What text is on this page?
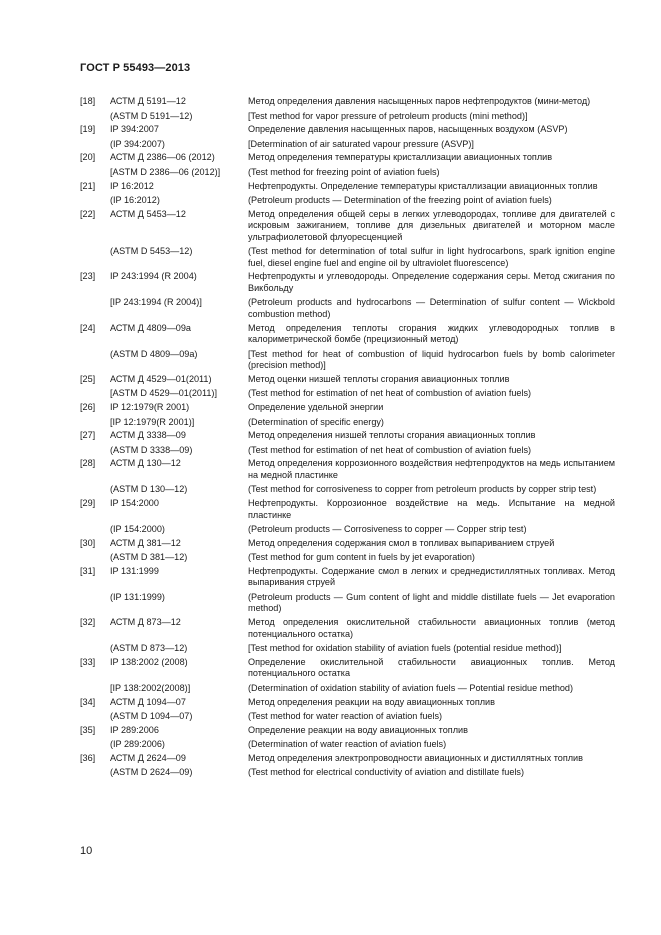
ГОСТ Р 55493—2013
[18]	АСТМ Д 5191—12	Метод определения давления насыщенных паров нефтепродуктов (мини-метод)
(ASTM D 5191—12)	[Test method for vapor pressure of petroleum products (mini method)]
[19]	IP 394:2007	Определение давления насыщенных паров, насыщенных воздухом (ASVP)
(IP 394:2007)	[Determination of air saturated vapour pressure (ASVP)]
[20]	АСТМ Д 2386—06 (2012)	Метод определения температуры кристаллизации авиационных топлив
[ASTM D 2386—06 (2012)]	(Test method for freezing point of aviation fuels)
[21]	IP 16:2012	Нефтепродукты. Определение температуры кристаллизации авиационных топлив
(IP 16:2012)	(Petroleum products — Determination of the freezing point of aviation fuels)
[22]	АСТМ Д 5453—12	Метод определения общей серы в легких углеводородах, топливе для двигателей с искровым зажиганием, топливе для дизельных двигателей и моторном масле ультрафиолетовой флуоресценцией
(ASTM D 5453—12)	(Test method for determination of total sulfur in light hydrocarbons, spark ignition engine fuel, diesel engine fuel and engine oil by ultraviolet fluorescence)
[23]	IP 243:1994 (R 2004)	Нефтепродукты и углеводороды. Определение содержания серы. Метод сжигания по Викбольду
[IP 243:1994 (R 2004)]	(Petroleum products and hydrocarbons — Determination of sulfur content — Wickbold combustion method)
[24]	АСТМ Д 4809—09а	Метод определения теплоты сгорания жидких углеводородных топлив в калориметрической бомбе (прецизионный метод)
(ASTM D 4809—09a)	[Test method for heat of combustion of liquid hydrocarbon fuels by bomb calorimeter (precision method)]
[25]	АСТМ Д 4529—01(2011)	Метод оценки низшей теплоты сгорания авиационных топлив
[ASTM D 4529—01(2011)]	(Test method for estimation of net heat of combustion of aviation fuels)
[26]	IP 12:1979(R 2001)	Определение удельной энергии
[IP 12:1979(R 2001)]	(Determination of specific energy)
[27]	АСТМ Д 3338—09	Метод определения низшей теплоты сгорания авиационных топлив
(ASTM D 3338—09)	(Test method for estimation of net heat of combustion of aviation fuels)
[28]	АСТМ Д 130—12	Метод определения коррозионного воздействия нефтепродуктов на медь испытанием на медной пластинке
(ASTM D 130—12)	(Test method for corrosiveness to copper from petroleum products by copper strip test)
[29]	IP 154:2000	Нефтепродукты. Коррозионное воздействие на медь. Испытание на медной пластинке
(IP 154:2000)	(Petroleum products — Corrosiveness to copper — Copper strip test)
[30]	АСТМ Д 381—12	Метод определения содержания смол в топливах выпариванием струей
(ASTM D 381—12)	(Test method for gum content in fuels by jet evaporation)
[31]	IP 131:1999	Нефтепродукты. Содержание смол в легких и среднедистиллятных топливах. Метод выпаривания струей
(IP 131:1999)	(Petroleum products — Gum content of light and middle distillate fuels — Jet evaporation method)
[32]	АСТМ Д 873—12	Метод определения окислительной стабильности авиационных топлив (метод потенциального остатка)
(ASTM D 873—12)	[Test method for oxidation stability of aviation fuels (potential residue method)]
[33]	IP 138:2002 (2008)	Определение окислительной стабильности авиационных топлив. Метод потенциального остатка
[IP 138:2002(2008)]	(Determination of oxidation stability of aviation fuels — Potential residue method)
[34]	АСТМ Д 1094—07	Метод определения реакции на воду авиационных топлив
(ASTM D 1094—07)	(Test method for water reaction of aviation fuels)
[35]	IP 289:2006	Определение реакции на воду авиационных топлив
(IP 289:2006)	(Determination of water reaction of aviation fuels)
[36]	АСТМ Д 2624—09	Метод определения электропроводности авиационных и дистиллятных топлив
(ASTM D 2624—09)	(Test method for electrical conductivity of aviation and distillate fuels)
10
